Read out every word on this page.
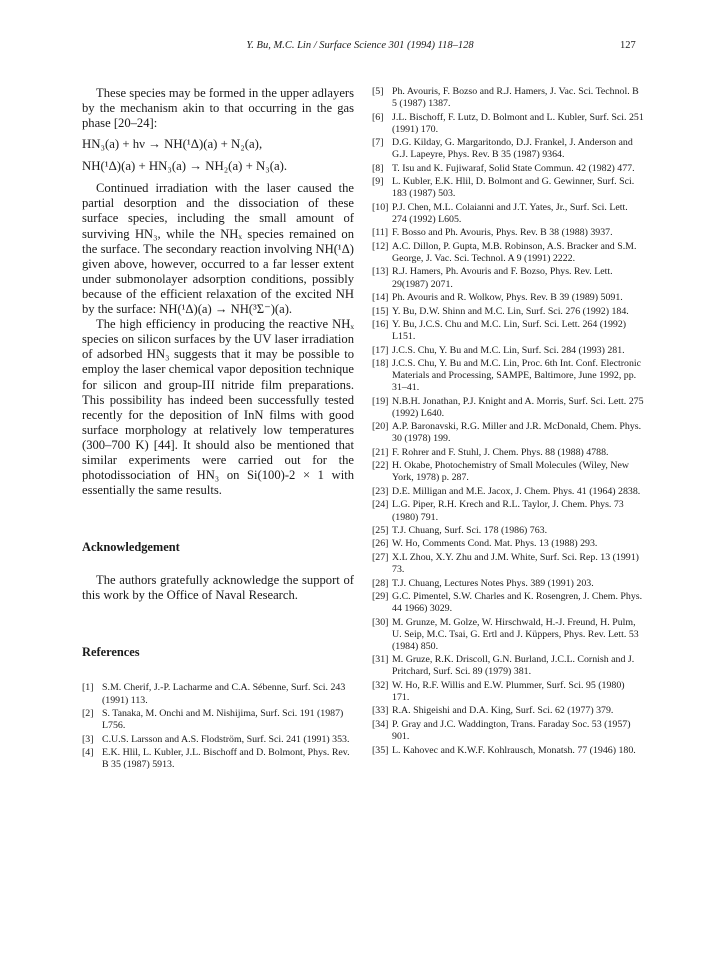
Y. Bu, M.C. Lin / Surface Science 301 (1994) 118–128	127

These species may be formed in the upper adlayers by the mechanism akin to that occurring in the gas phase [20–24]:

HN₃(a) + hν → NH(¹Δ)(a) + N₂(a),
NH(¹Δ)(a) + HN₃(a) → NH₂(a) + N₃(a).

Continued irradiation with the laser caused the partial desorption and the dissociation of these surface species, including the small amount of surviving HN₃, while the NHₓ species remained on the surface. The secondary reaction involving NH(¹Δ) given above, however, occurred to a far lesser extent under submonolayer adsorption conditions, possibly because of the efficient relaxation of the excited NH by the surface: NH(¹Δ)(a) → NH(³Σ⁻)(a).

The high efficiency in producing the reactive NHₓ species on silicon surfaces by the UV laser irradiation of adsorbed HN₃ suggests that it may be possible to employ the laser chemical vapor deposition technique for silicon and group-III nitride film preparations. This possibility has indeed been successfully tested recently for the deposition of InN films with good surface morphology at relatively low temperatures (300–700 K) [44]. It should also be mentioned that similar experiments were carried out for the photodissociation of HN₃ on Si(100)-2 × 1 with essentially the same results.

Acknowledgement

The authors gratefully acknowledge the support of this work by the Office of Naval Research.

References
[1] S.M. Cherif, J.-P. Lacharme and C.A. Sébenne, Surf. Sci. 243 (1991) 113.
[2] S. Tanaka, M. Onchi and M. Nishijima, Surf. Sci. 191 (1987) L756.
[3] C.U.S. Larsson and A.S. Flodström, Surf. Sci. 241 (1991) 353.
[4] E.K. Hlil, L. Kubler, J.L. Bischoff and D. Bolmont, Phys. Rev. B 35 (1987) 5913.
[5] Ph. Avouris, F. Bozso and R.J. Hamers, J. Vac. Sci. Technol. B 5 (1987) 1387.
[6] J.L. Bischoff, F. Lutz, D. Bolmont and L. Kubler, Surf. Sci. 251 (1991) 170.
[7] D.G. Kilday, G. Margaritondo, D.J. Frankel, J. Anderson and G.J. Lapeyre, Phys. Rev. B 35 (1987) 9364.
[8] T. Isu and K. Fujiwaraf, Solid State Commun. 42 (1982) 477.
[9] L. Kubler, E.K. Hlil, D. Bolmont and G. Gewinner, Surf. Sci. 183 (1987) 503.
[10] P.J. Chen, M.L. Colaianni and J.T. Yates, Jr., Surf. Sci. Lett. 274 (1992) L605.
[11] F. Bosso and Ph. Avouris, Phys. Rev. B 38 (1988) 3937.
[12] A.C. Dillon, P. Gupta, M.B. Robinson, A.S. Bracker and S.M. George, J. Vac. Sci. Technol. A 9 (1991) 2222.
[13] R.J. Hamers, Ph. Avouris and F. Bozso, Phys. Rev. Lett. 29(1987) 2071.
[14] Ph. Avouris and R. Wolkow, Phys. Rev. B 39 (1989) 5091.
[15] Y. Bu, D.W. Shinn and M.C. Lin, Surf. Sci. 276 (1992) 184.
[16] Y. Bu, J.C.S. Chu and M.C. Lin, Surf. Sci. Lett. 264 (1992) L151.
[17] J.C.S. Chu, Y. Bu and M.C. Lin, Surf. Sci. 284 (1993) 281.
[18] J.C.S. Chu, Y. Bu and M.C. Lin, Proc. 6th Int. Conf. Electronic Materials and Processing, SAMPE, Baltimore, June 1992, pp. 31–41.
[19] N.B.H. Jonathan, P.J. Knight and A. Morris, Surf. Sci. Lett. 275 (1992) L640.
[20] A.P. Baronavski, R.G. Miller and J.R. McDonald, Chem. Phys. 30 (1978) 199.
[21] F. Rohrer and F. Stuhl, J. Chem. Phys. 88 (1988) 4788.
[22] H. Okabe, Photochemistry of Small Molecules (Wiley, New York, 1978) p. 287.
[23] D.E. Milligan and M.E. Jacox, J. Chem. Phys. 41 (1964) 2838.
[24] L.G. Piper, R.H. Krech and R.L. Taylor, J. Chem. Phys. 73 (1980) 791.
[25] T.J. Chuang, Surf. Sci. 178 (1986) 763.
[26] W. Ho, Comments Cond. Mat. Phys. 13 (1988) 293.
[27] X.L Zhou, X.Y. Zhu and J.M. White, Surf. Sci. Rep. 13 (1991) 73.
[28] T.J. Chuang, Lectures Notes Phys. 389 (1991) 203.
[29] G.C. Pimentel, S.W. Charles and K. Rosengren, J. Chem. Phys. 44 1966) 3029.
[30] M. Grunze, M. Golze, W. Hirschwald, H.-J. Freund, H. Pulm, U. Seip, M.C. Tsai, G. Ertl and J. Küppers, Phys. Rev. Lett. 53 (1984) 850.
[31] M. Gruze, R.K. Driscoll, G.N. Burland, J.C.L. Cornish and J. Pritchard, Surf. Sci. 89 (1979) 381.
[32] W. Ho, R.F. Willis and E.W. Plummer, Surf. Sci. 95 (1980) 171.
[33] R.A. Shigeishi and D.A. King, Surf. Sci. 62 (1977) 379.
[34] P. Gray and J.C. Waddington, Trans. Faraday Soc. 53 (1957) 901.
[35] L. Kahovec and K.W.F. Kohlrausch, Monatsh. 77 (1946) 180.
